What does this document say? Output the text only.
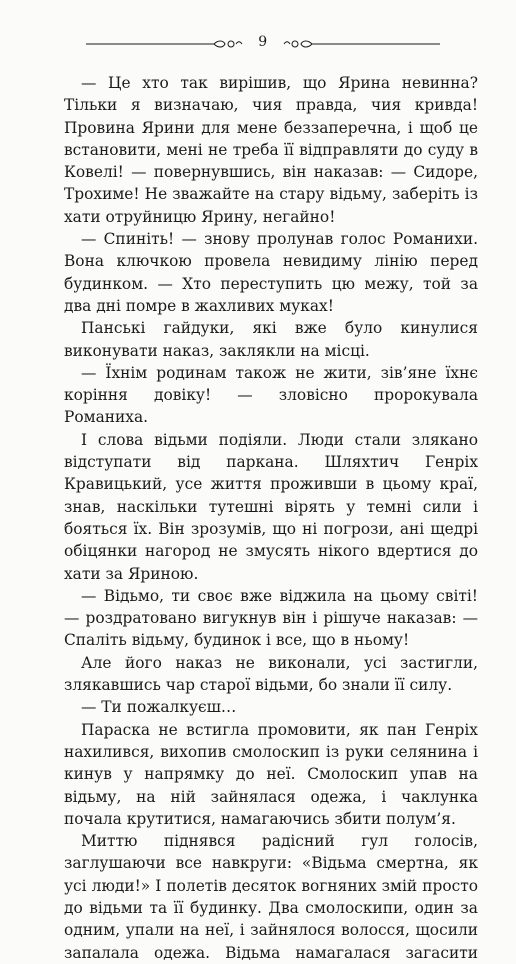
9

— Це хто так вирішив, що Ярина невинна? Тільки я визначаю, чия правда, чия кривда! Провина Ярини для мене беззаперечна, і щоб це встановити, мені не треба її відправляти до суду в Ковелі! — повернувшись, він наказав: — Сидоре, Трохиме! Не зважайте на стару відьму, заберіть із хати отруйницю Ярину, негайно!

— Спиніть! — знову пролунав голос Романихи. Вона ключкою провела невидиму лінію перед будинком. — Хто переступить цю межу, той за два дні помре в жахливих муках!

Панські гайдуки, які вже було кинулися виконувати наказ, заклякли на місці.

— Їхнім родинам також не жити, зів’яне їхнє коріння довіку! — зловісно пророкувала Романиха.

І слова відьми подіяли. Люди стали злякано відступати від паркана. Шляхтич Генріх Кравицький, усе життя проживши в цьому краї, знав, наскільки тутешні вірять у темні сили і бояться їх. Він зрозумів, що ні погрози, ані щедрі обіцянки нагород не змусять нікого вдертися до хати за Яриною.

— Відьмо, ти своє вже віджила на цьому світі! — роздратовано вигукнув він і рішуче наказав: — Спаліть відьму, будинок і все, що в ньому!

Але його наказ не виконали, усі застигли, злякавшись чар старої відьми, бо знали її силу.

— Ти пожалкуєш…

Параска не встигла промовити, як пан Генріх нахилився, вихопив смолоскип із руки селянина і кинув у напрямку до неї. Смолоскип упав на відьму, на ній зайнялася одежа, і чаклунка почала крутитися, намагаючись збити полум’я.

Миттю піднявся радісний гул голосів, заглушаючи все навкруги: «Відьма смертна, як усі люди!» І полетів десяток вогняних змій просто до відьми та її будинку. Два смолоскипи, один за одним, упали на неї, і зайнялося волосся, щосили запалала одежа. Відьма намагалася загасити
